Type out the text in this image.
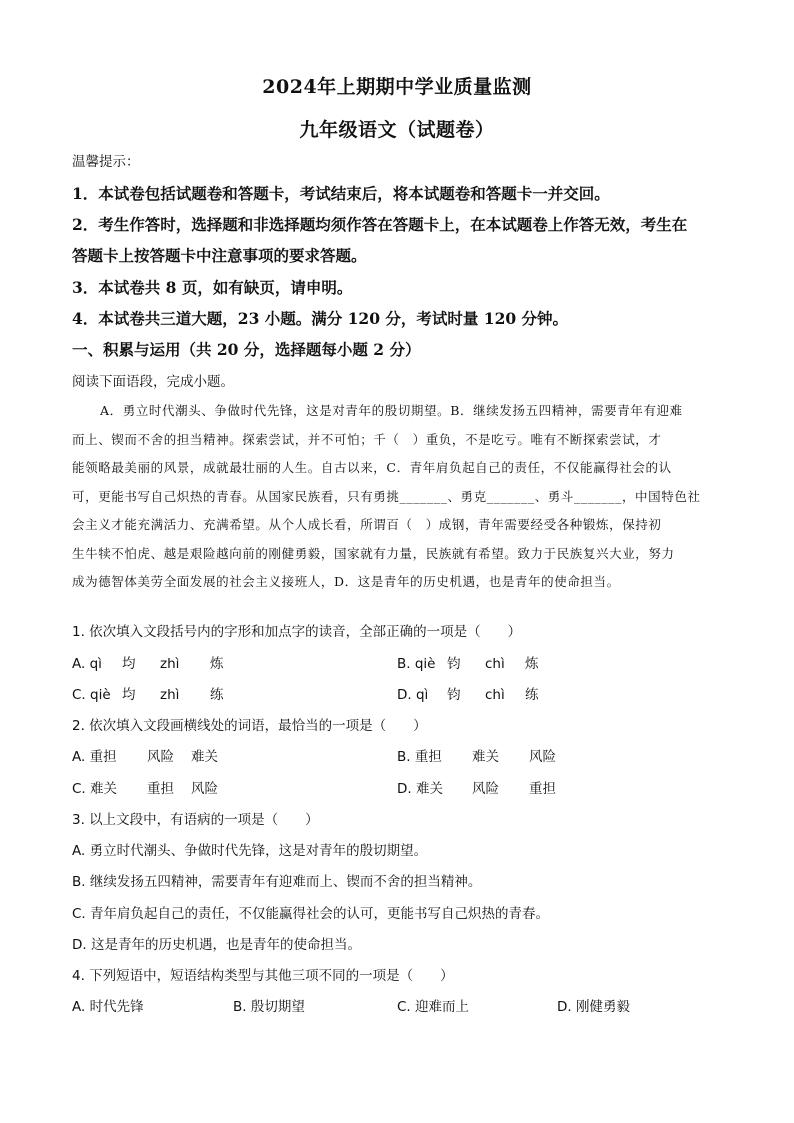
2024年上期期中学业质量监测
九年级语文（试题卷）
温馨提示：
1．本试卷包括试题卷和答题卡，考试结束后，将本试题卷和答题卡一并交回。
2．考生作答时，选择题和非选择题均须作答在答题卡上，在本试题卷上作答无效，考生在
答题卡上按答题卡中注意事项的要求答题。
3．本试卷共 8 页，如有缺页，请申明。
4．本试卷共三道大题，23 小题。满分 120 分，考试时量 120 分钟。
一、积累与运用（共 20 分，选择题每小题 2 分）
阅读下面语段，完成小题。
A．勇立时代潮头、争做时代先锋，这是对青年的殷切期望。B．继续发扬五四精神，需要青年有迎难
而上、锲而不舍的担当精神。探索尝试，并不可怕；千（　）重负，不是吃亏。唯有不断探索尝试，才
能领略最美丽的风景，成就最壮丽的人生。自古以来，C．青年肩负起自己的责任，不仅能赢得社会的认
可，更能书写自己炽热的青春。从国家民族看，只有勇挑_______、勇克_______、勇斗_______，中国特色社
会主义才能充满活力、充满希望。从个人成长看，所谓百（　）成钢，青年需要经受各种锻炼，保持初
生牛犊不怕虎、越是艰险越向前的刚健勇毅，国家就有力量，民族就有希望。致力于民族复兴大业，努力
成为德智体美劳全面发展的社会主义接班人，D．这是青年的历史机遇，也是青年的使命担当。
1. 依次填入文段括号内的字形和加点字的读音，全部正确的一项是（　　）
A. qì 均 zhì 炼	B. qiè 钧 chì 炼
C. qiè 均 zhì 练	D. qì 钧 chì 练
2. 依次填入文段画横线处的词语，最恰当的一项是（　　）
A. 重担 风险 难关	B. 重担 难关 风险
C. 难关 重担 风险	D. 难关 风险 重担
3. 以上文段中，有语病的一项是（　　）
A. 勇立时代潮头、争做时代先锋，这是对青年的殷切期望。
B. 继续发扬五四精神，需要青年有迎难而上、锲而不舍的担当精神。
C. 青年肩负起自己的责任，不仅能赢得社会的认可，更能书写自己炽热的青春。
D. 这是青年的历史机遇，也是青年的使命担当。
4. 下列短语中，短语结构类型与其他三项不同的一项是（　　）
A. 时代先锋	B. 殷切期望	C. 迎难而上	D. 刚健勇毅
